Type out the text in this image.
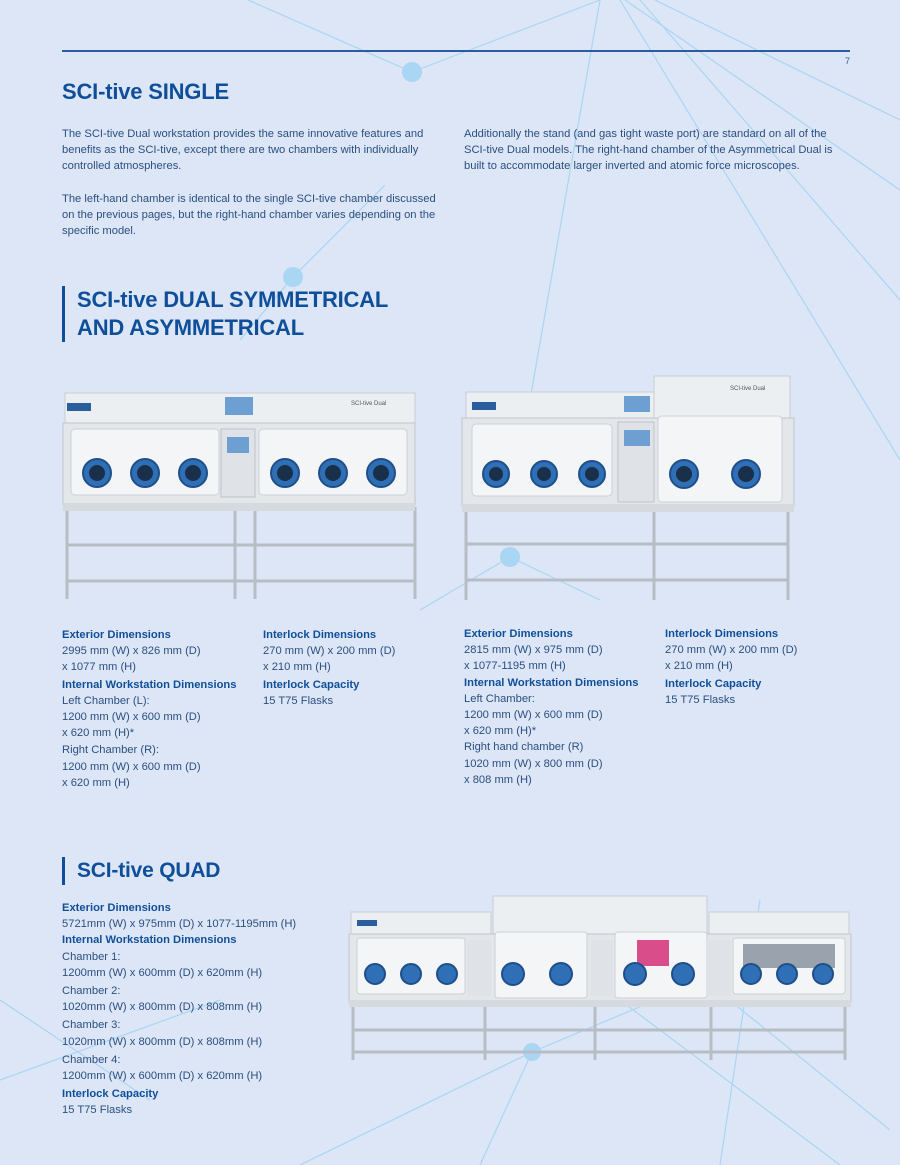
7
SCI-tive SINGLE

The SCI-tive Dual workstation provides the same innovative features and benefits as the SCI-tive, except there are two chambers with individually controlled atmospheres.

The left-hand chamber is identical to the single SCI-tive chamber discussed on the previous pages, but the right-hand chamber varies depending on the specific model.

Additionally the stand (and gas tight waste port) are standard on all of the SCI-tive Dual models. The right-hand chamber of the Asymmetrical Dual is built to accommodate larger inverted and atomic force microscopes.

SCI-tive DUAL SYMMETRICAL
AND ASYMMETRICAL
SCI-tive Dual
SCI-tive Dual
Exterior Dimensions
2995 mm (W) x 826 mm (D)
x 1077 mm (H)
Internal Workstation Dimensions
Left Chamber (L):
1200 mm (W) x 600 mm (D)
x 620 mm (H)*
Right Chamber (R):
1200 mm (W) x 600 mm (D)
x 620 mm (H)
Interlock Dimensions
270 mm (W) x 200 mm (D)
x 210 mm (H)
Interlock Capacity
15 T75 Flasks
Exterior Dimensions
2815 mm (W) x 975 mm (D)
x 1077-1195 mm (H)
Internal Workstation Dimensions
Left Chamber:
1200 mm (W) x 600 mm (D)
x 620 mm (H)*
Right hand chamber (R)
1020 mm (W) x 800 mm (D)
x 808 mm (H)
Interlock Dimensions
270 mm (W) x 200 mm (D)
x 210 mm (H)
Interlock Capacity
15 T75 Flasks
SCI-tive QUAD
Exterior Dimensions
5721mm (W) x 975mm (D) x 1077-1195mm (H)
Internal Workstation Dimensions
Chamber 1:
1200mm (W) x 600mm (D) x 620mm (H)
Chamber 2:
1020mm (W) x 800mm (D) x 808mm (H)
Chamber 3:
1020mm (W) x 800mm (D) x 808mm (H)
Chamber 4:
1200mm (W) x 600mm (D) x 620mm (H)
Interlock Capacity
15 T75 Flasks
